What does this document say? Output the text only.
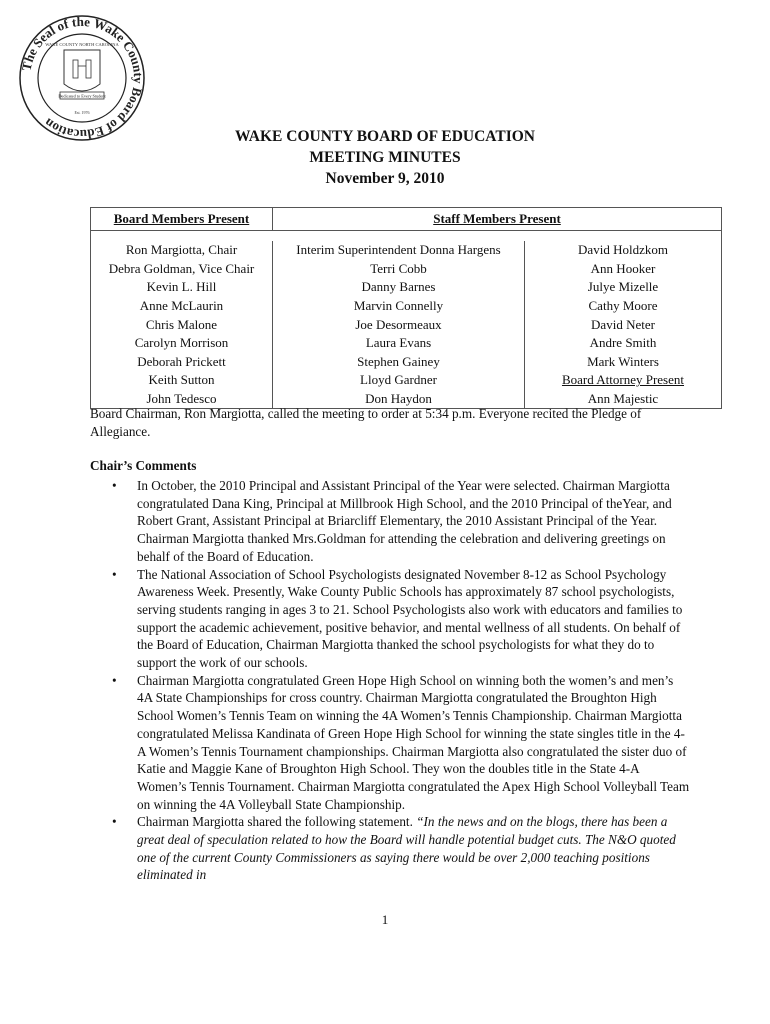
The Seal of the Wake County Board of Education
WAKE COUNTY NORTH CAROLINA
Dedicated to Every Student
Est. 1976
WAKE COUNTY BOARD OF EDUCATION
MEETING MINUTES
November 9, 2010
Board Members Present	Staff Members Present	

Ron Margiotta, Chair	Interim Superintendent Donna Hargens	David Holdzkom
Debra Goldman, Vice Chair	Terri Cobb	Ann Hooker
Kevin L. Hill	Danny Barnes	Julye Mizelle
Anne McLaurin	Marvin Connelly	Cathy Moore
Chris Malone	Joe Desormeaux	David Neter
Carolyn Morrison	Laura Evans	Andre Smith
Deborah Prickett	Stephen Gainey	Mark Winters
Keith Sutton	Lloyd Gardner	Board Attorney Present
John Tedesco	Don Haydon	Ann Majestic
Board Chairman, Ron Margiotta, called the meeting to order at 5:34 p.m. Everyone recited the Pledge of Allegiance.
Chair’s Comments
• In October, the 2010 Principal and Assistant Principal of the Year were selected. Chairman Margiotta congratulated Dana King, Principal at Millbrook High School, and the 2010 Principal of theYear, and Robert Grant, Assistant Principal at Briarcliff Elementary, the 2010 Assistant Principal of the Year. Chairman Margiotta thanked Mrs.Goldman for attending the celebration and delivering greetings on behalf of the Board of Education.
• The National Association of School Psychologists designated November 8-12 as School Psychology Awareness Week. Presently, Wake County Public Schools has approximately 87 school psychologists, serving students ranging in ages 3 to 21. School Psychologists also work with educators and families to support the academic achievement, positive behavior, and mental wellness of all students. On behalf of the Board of Education, Chairman Margiotta thanked the school psychologists for what they do to support the work of our schools.
• Chairman Margiotta congratulated Green Hope High School on winning both the women’s and men’s 4A State Championships for cross country. Chairman Margiotta congratulated the Broughton High School Women’s Tennis Team on winning the 4A Women’s Tennis Championship. Chairman Margiotta congratulated Melissa Kandinata of Green Hope High School for winning the state singles title in the 4-A Women’s Tennis Tournament championships. Chairman Margiotta also congratulated the sister duo of Katie and Maggie Kane of Broughton High School. They won the doubles title in the State 4-A Women’s Tennis Tournament. Chairman Margiotta congratulated the Apex High School Volleyball Team on winning the 4A Volleyball State Championship.
• Chairman Margiotta shared the following statement. “In the news and on the blogs, there has been a great deal of speculation related to how the Board will handle potential budget cuts. The N&O quoted one of the current County Commissioners as saying there would be over 2,000 teaching positions eliminated in
1
